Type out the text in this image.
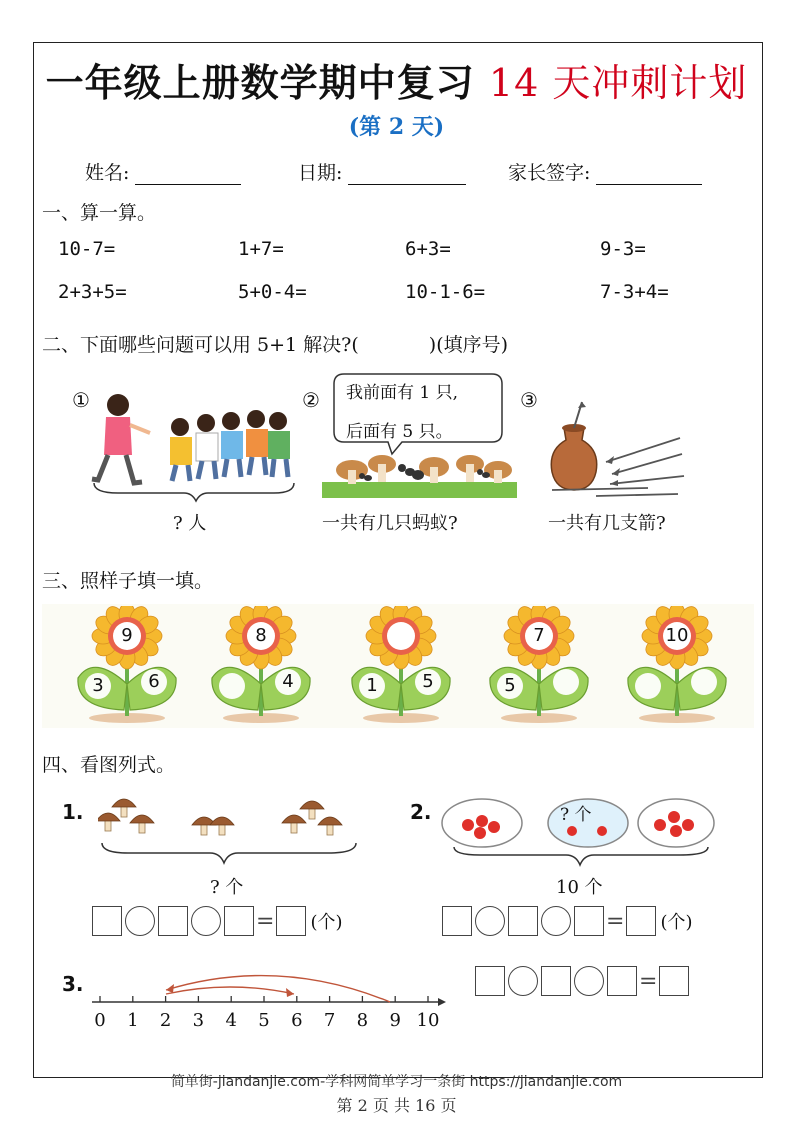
一年级上册数学期中复习 14 天冲刺计划
(第 2 天)
姓名:	日期:	家长签字:
一、算一算。
10-7=	1+7=	6+3=	9-3=
2+3+5=	5+0-4=	10-1-6=	7-3+4=
二、下面哪些问题可以用 5+1 解决?(	)(填序号)
①	②	③
? 人
我前面有 1 只,
后面有 5 只。
一共有几只蚂蚁?	一共有几支箭?
三、照样子填一填。
9
3	6
8
4	1	5
7
5
10
四、看图列式。
1.
? 个
2.	? 个
10 个
= (个)	= (个)
3.
0	1	2	3	4	5	6	7	8	9 10
=
简单街-jiandanjie.com-学科网简单学习一条街 https://jiandanjie.com
第 2 页 共 16 页
